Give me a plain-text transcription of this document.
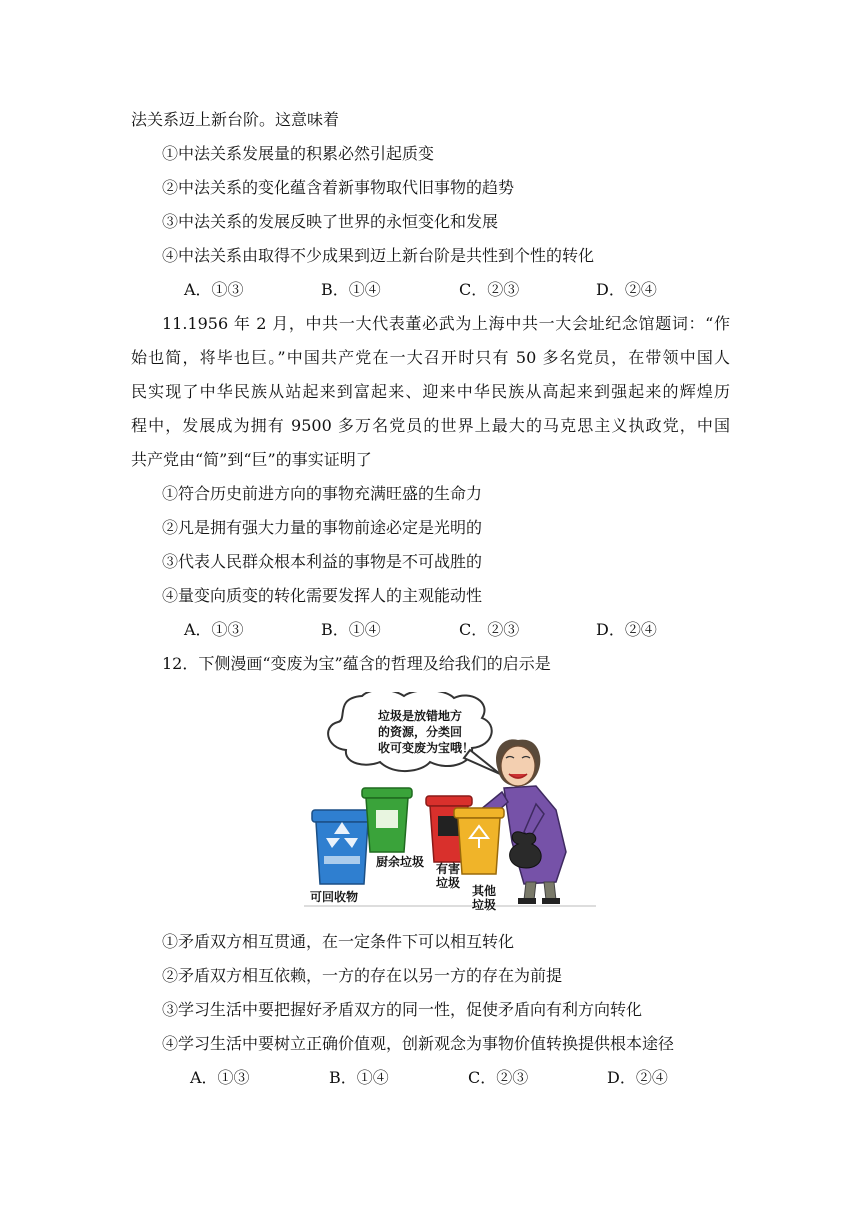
法关系迈上新台阶。这意味着
①中法关系发展量的积累必然引起质变
②中法关系的变化蕴含着新事物取代旧事物的趋势
③中法关系的发展反映了世界的永恒变化和发展
④中法关系由取得不少成果到迈上新台阶是共性到个性的转化
A．①③	B．①④	C．②③	D．②④
11.1956 年 2 月，中共一大代表董必武为上海中共一大会址纪念馆题词：“作
始也简，将毕也巨。”中国共产党在一大召开时只有 50 多名党员，在带领中国人
民实现了中华民族从站起来到富起来、迎来中华民族从高起来到强起来的辉煌历
程中，发展成为拥有 9500 多万名党员的世界上最大的马克思主义执政党，中国
共产党由“简”到“巨”的事实证明了
①符合历史前进方向的事物充满旺盛的生命力
②凡是拥有强大力量的事物前途必定是光明的
③代表人民群众根本利益的事物是不可战胜的
④量变向质变的转化需要发挥人的主观能动性
A．①③	B．①④	C．②③	D．②④
12．下侧漫画“变废为宝”蕴含的哲理及给我们的启示是
垃圾是放错地方
的资源，分类回
收可变废为宝哦！
可回收物
厨余垃圾 有害
垃圾
其他
垃圾
①矛盾双方相互贯通，在一定条件下可以相互转化
②矛盾双方相互依赖，一方的存在以另一方的存在为前提
③学习生活中要把握好矛盾双方的同一性，促使矛盾向有利方向转化
④学习生活中要树立正确价值观，创新观念为事物价值转换提供根本途径
A．①③	B．①④	C．②③	D．②④
